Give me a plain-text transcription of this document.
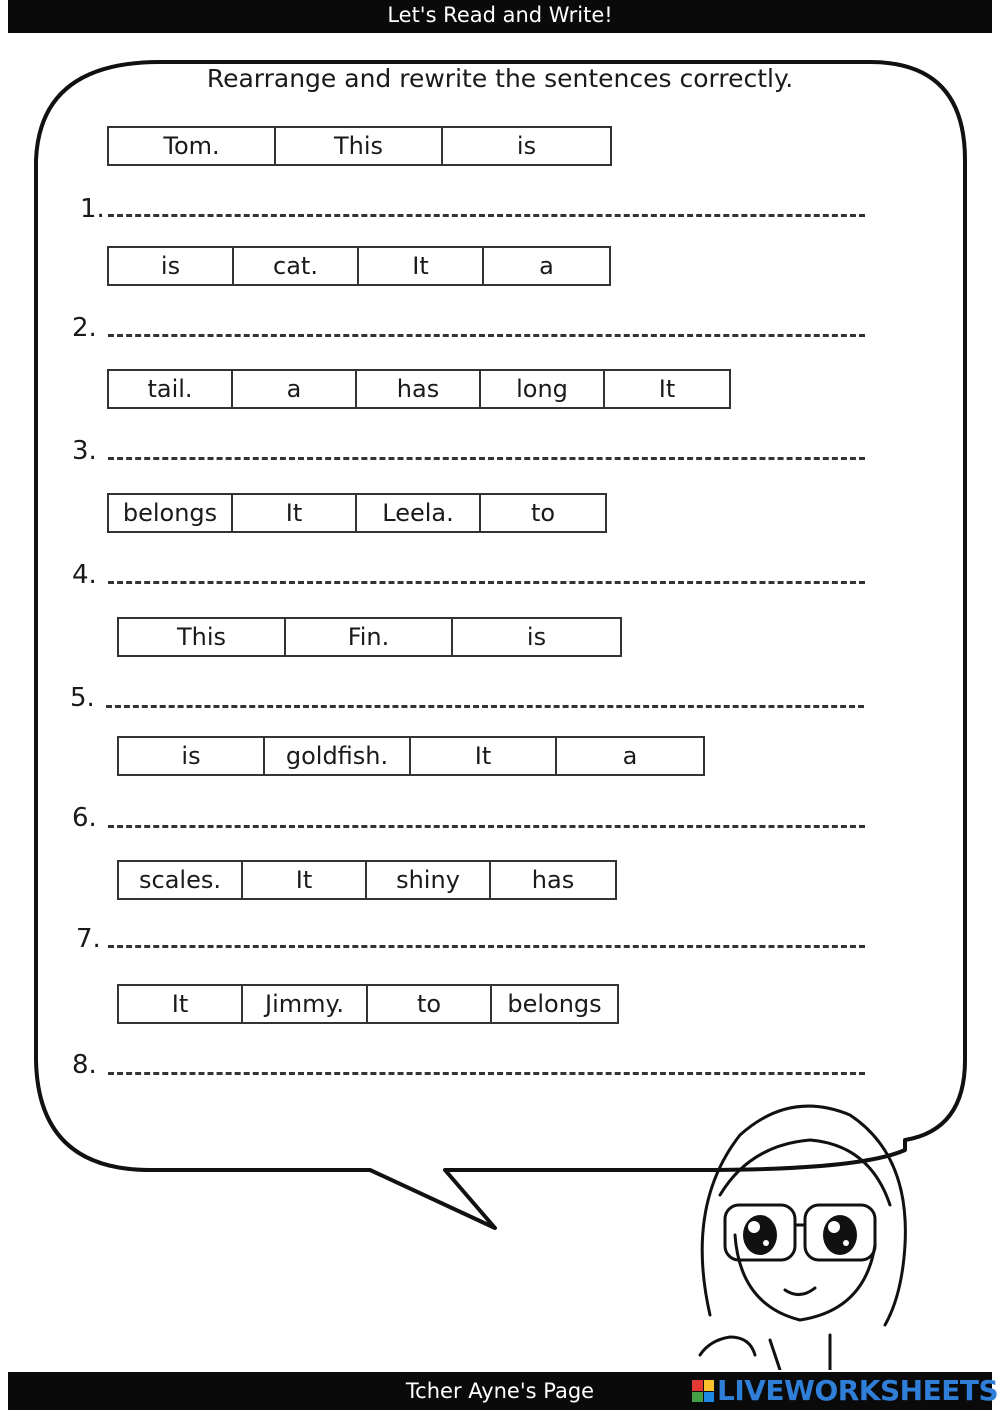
Let's Read and Write!
Rearrange and rewrite the sentences correctly.
Tom.	This	is
1.
is	cat.	It	a
2.
tail.	a	has	long	It
3.
belongs	It	Leela.	to
4.
This	Fin.	is
5.
is	goldfish.	It	a
6.
scales.	It	shiny	has
7.
It	Jimmy.	to	belongs
8.
Tcher Ayne's Page	LIVEWORKSHEETS
